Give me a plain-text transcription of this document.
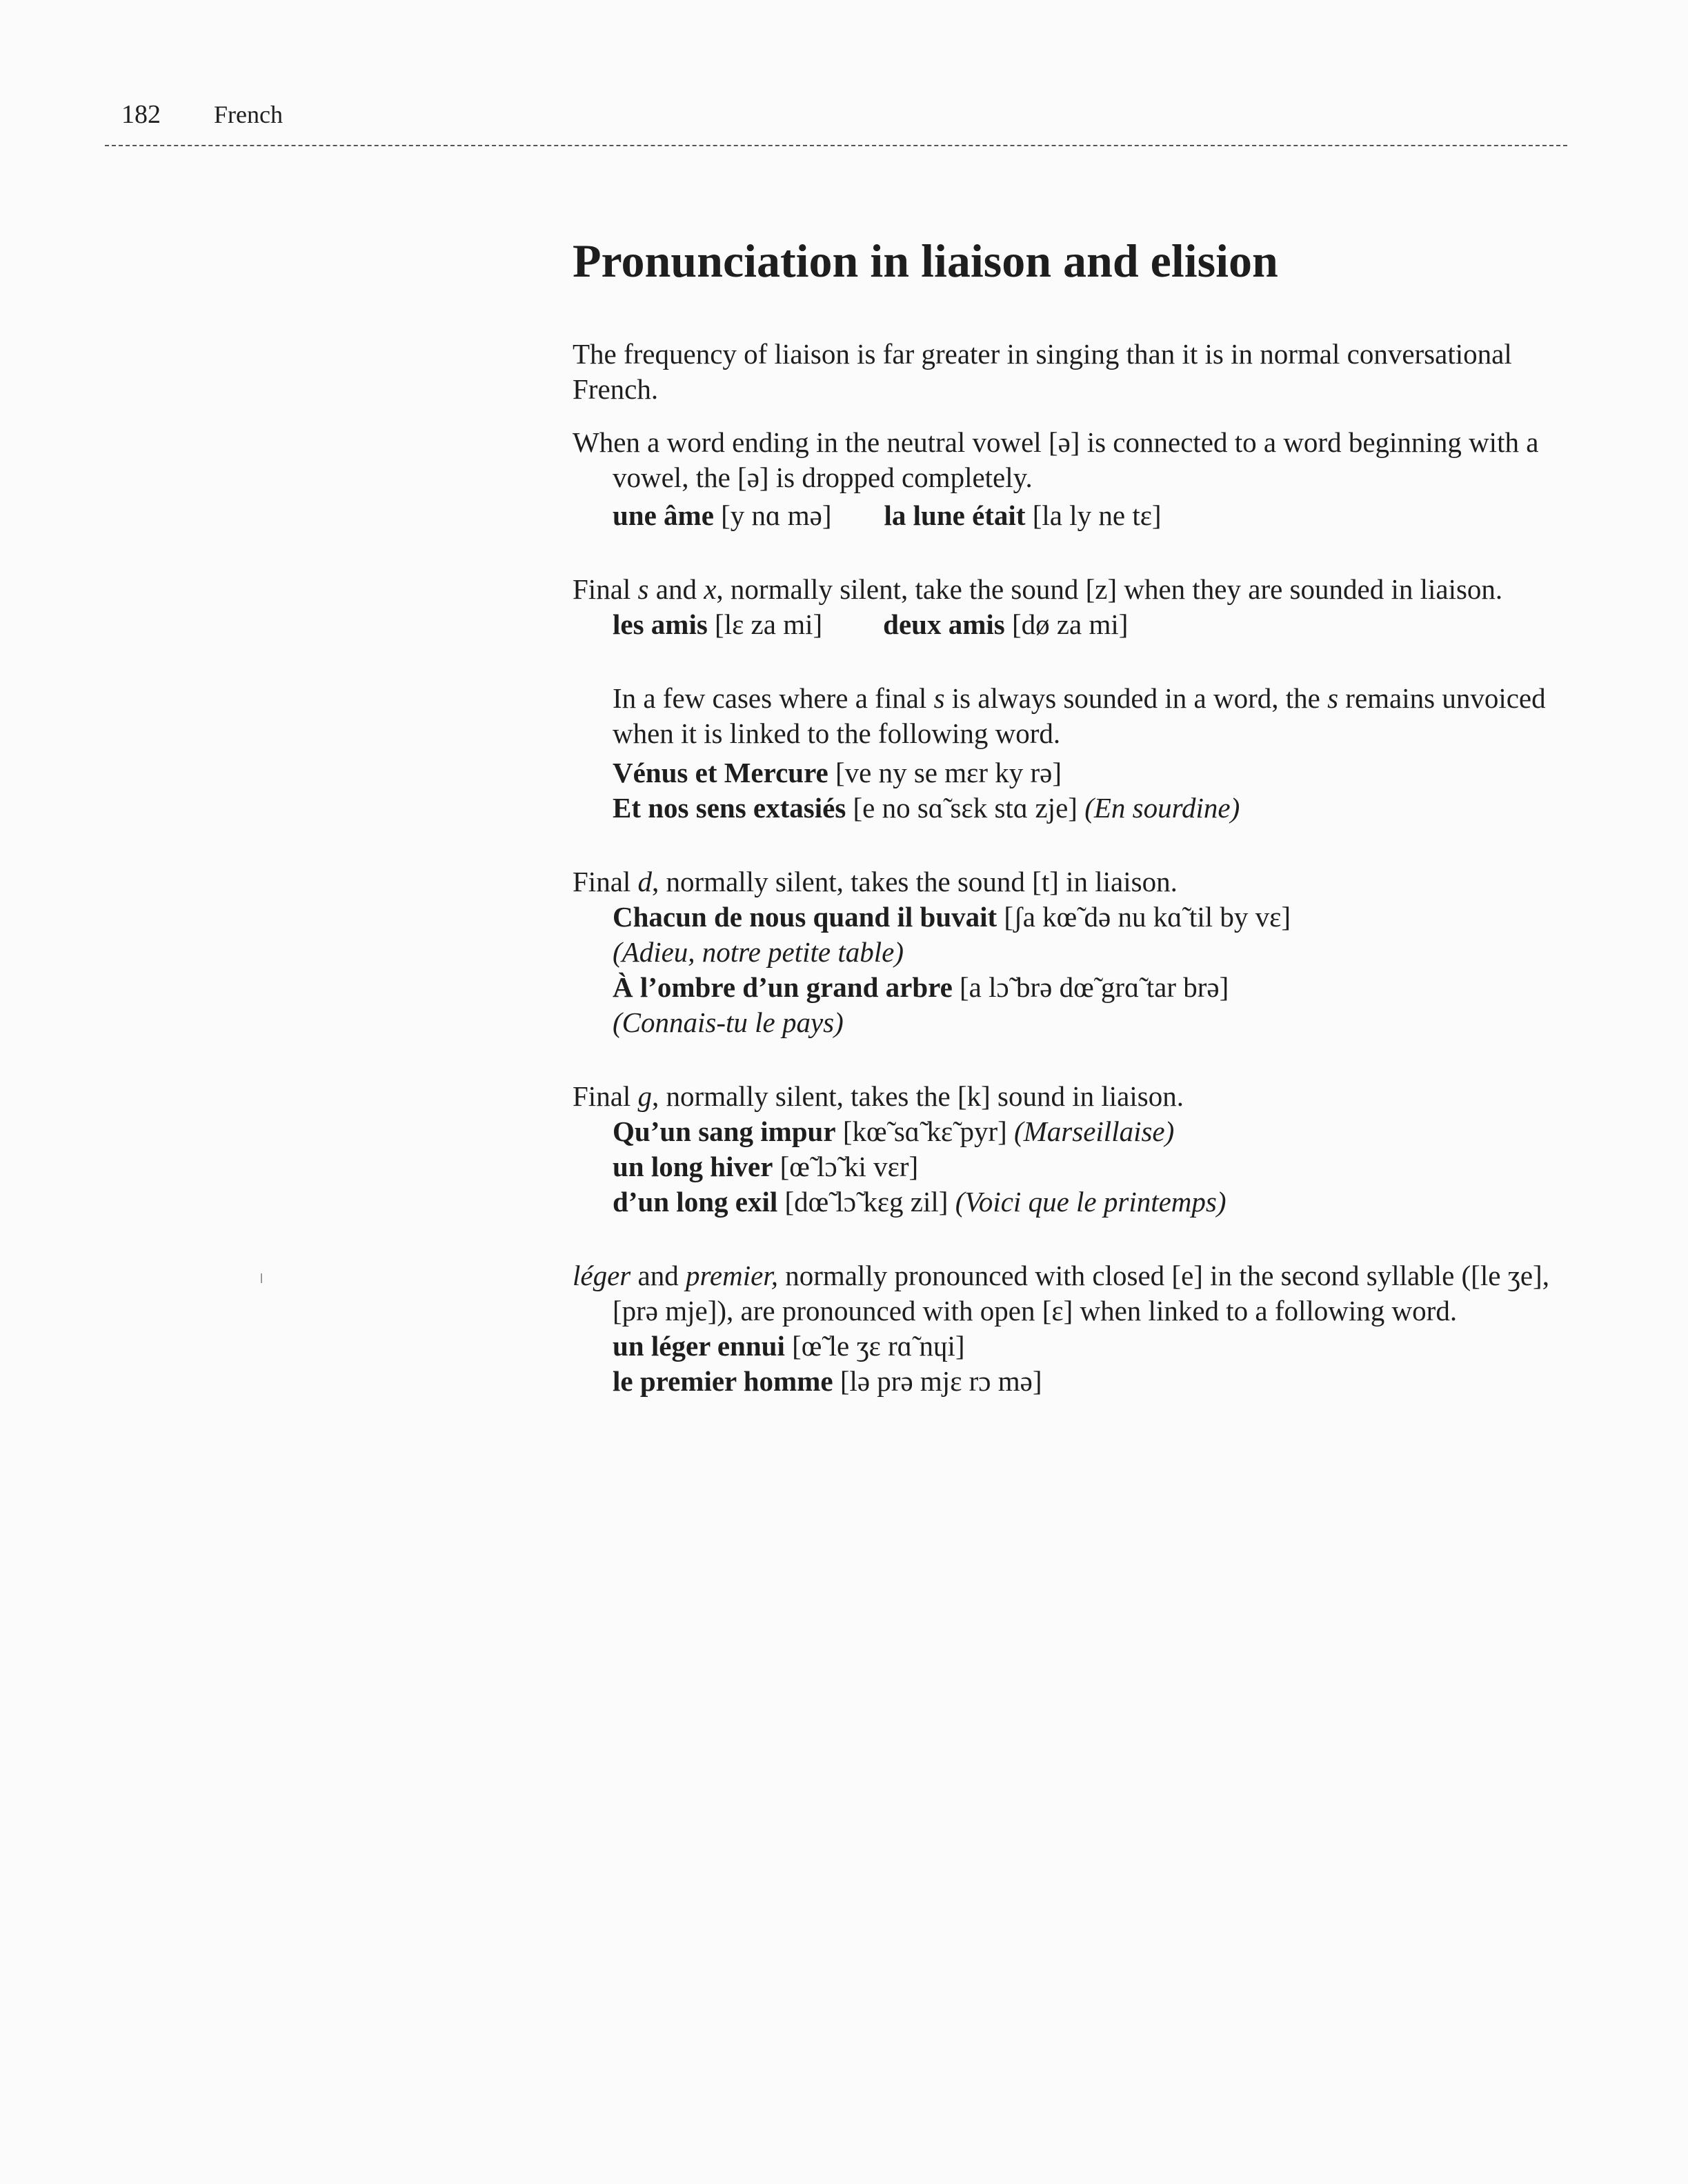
182 French
Pronunciation in liaison and elision

The frequency of liaison is far greater in singing than it is in normal conversational French.

When a word ending in the neutral vowel [ə] is connected to a word beginning with a vowel, the [ə] is dropped completely.

une âme [y nɑ mə] la lune était [la ly ne tɛ]

Final s and x, normally silent, take the sound [z] when they are sounded in liaison.

les amis [lɛ za mi] deux amis [dø za mi]

In a few cases where a final s is always sounded in a word, the s remains unvoiced when it is linked to the following word.

Vénus et Mercure [ve ny se mɛr ky rə]
Et nos sens extasiés [e no sɑ̃ sɛk stɑ zje] (En sourdine)

Final d, normally silent, takes the sound [t] in liaison.

Chacun de nous quand il buvait [ʃa kœ̃ də nu kɑ̃ til by vɛ]
(Adieu, notre petite table)
À l’ombre d’un grand arbre [a lɔ̃ brə dœ̃ grɑ̃ tar brə]
(Connais-tu le pays)

Final g, normally silent, takes the [k] sound in liaison.

Qu’un sang impur [kœ̃ sɑ̃ kɛ̃ pyr] (Marseillaise)
un long hiver [œ̃ lɔ̃ ki vɛr]
d’un long exil [dœ̃ lɔ̃ kɛg zil] (Voici que le printemps)

léger and premier, normally pronounced with closed [e] in the second syllable ([le ʒe], [prə mje]), are pronounced with open [ɛ] when linked to a following word.

un léger ennui [œ̃ le ʒɛ rɑ̃ nɥi]
le premier homme [lə prə mjɛ rɔ mə]
